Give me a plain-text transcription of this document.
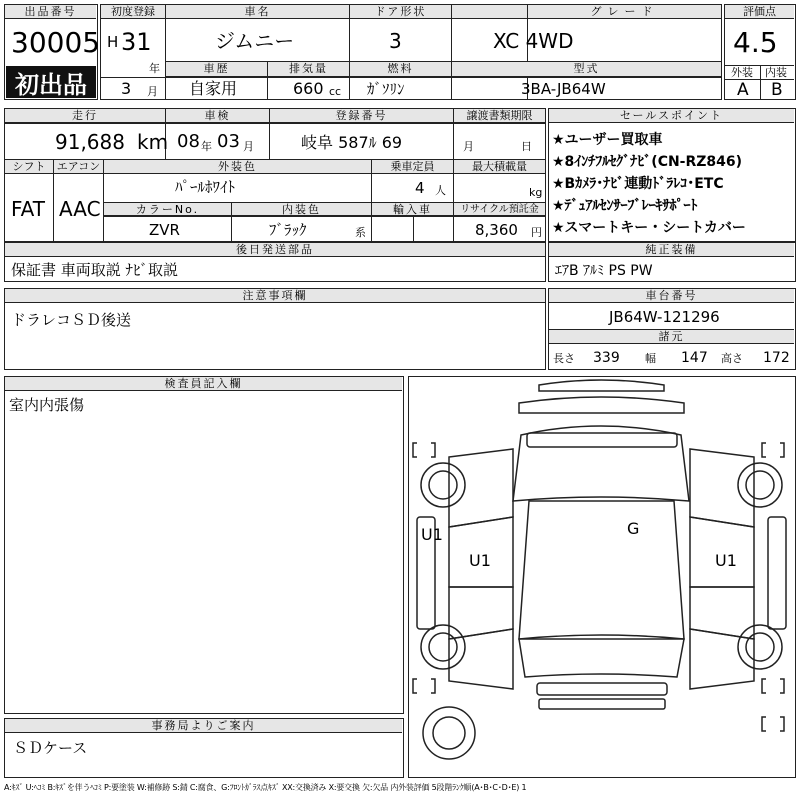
出品番号
30005
初出品
初度登録
H 31
年
3 月
車名
ジムニー
ドア形状
3
グレード
XC 4WD
車歴
自家用
排気量
660 cc
燃料
ｶﾞｿﾘﾝ
型式
3BA-JB64W
評価点
4.5
外装 内装
A B
走行
91,688 km
車検
08 年 03 月
登録番号
岐阜 587ﾙ 69
譲渡書類期限
月	日
シフト
FAT
エアコン
AAC
外装色
ﾊﾟｰﾙﾎﾜｲﾄ
乗車定員
4 人
最大積載量
kg
カラーNo.
ZVR
内装色
ﾌﾞﾗｯｸ	系
輸入車	リサイクル預託金
8,360 円
セールスポイント
★ユーザー買取車
★8ｲﾝﾁﾌﾙｾｸﾞﾅﾋﾞ(CN-RZ846)
★Bｶﾒﾗ･ﾅﾋﾞ連動ﾄﾞﾗﾚｺ･ETC
★ﾃﾞｭｱﾙｾﾝｻｰﾌﾞﾚｰｷｻﾎﾟｰﾄ
★スマートキー・シートカバー
後日発送部品
保証書 車両取説 ﾅﾋﾞ取説
純正装備
ｴｱB ｱﾙﾐ PS PW
注意事項欄
ドラレコＳＤ後送
車台番号
JB64W-121296
諸元
長さ 339 幅 147 高さ 172
検査員記入欄
室内内張傷
事務局よりご案内
ＳＤケース
U1
U1	U1
G
A:ｷｽﾞ U:ﾍｺﾐ B:ｷｽﾞを伴うﾍｺﾐ P:要塗装 W:補修跡 S:錆 C:腐食、G:ﾌﾛﾝﾄｶﾞﾗｽ点ｷｽﾞ XX:交換済み X:要交換 欠:欠品 内外装評価 5段階ﾗﾝｸ順(A･B･C･D･E) 1
